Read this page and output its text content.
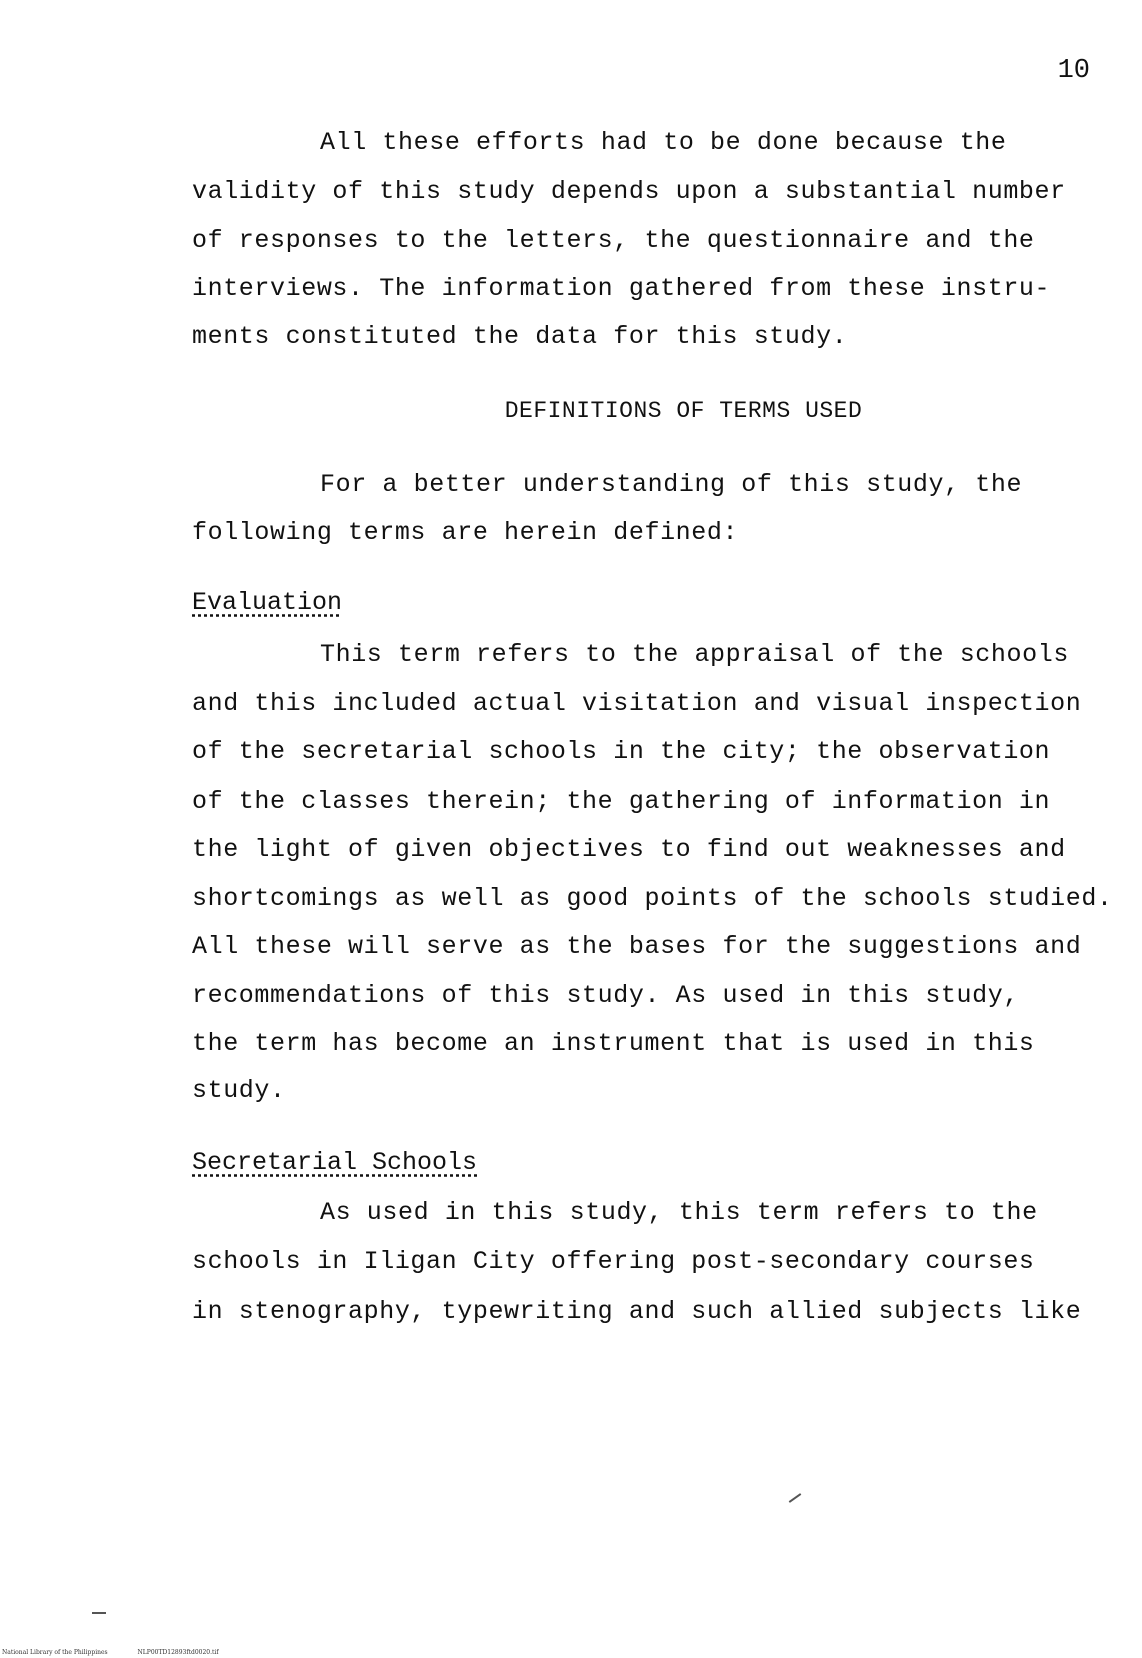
10
All these efforts had to be done because the
validity of this study depends upon a substantial number
of responses to the letters, the questionnaire and the
interviews. The information gathered from these instru-
ments constituted the data for this study.
DEFINITIONS OF TERMS USED
For a better understanding of this study, the
following terms are herein defined:
Evaluation
This term refers to the appraisal of the schools
and this included actual visitation and visual inspection
of the secretarial schools in the city; the observation
of the classes therein; the gathering of information in
the light of given objectives to find out weaknesses and
shortcomings as well as good points of the schools studied.
All these will serve as the bases for the suggestions and
recommendations of this study. As used in this study,
the term has become an instrument that is used in this
study.
Secretarial Schools
As used in this study, this term refers to the
schools in Iligan City offering post-secondary courses
in stenography, typewriting and such allied subjects like
National Library of the Philippines	NLP00TD12893ftd0020.tif
